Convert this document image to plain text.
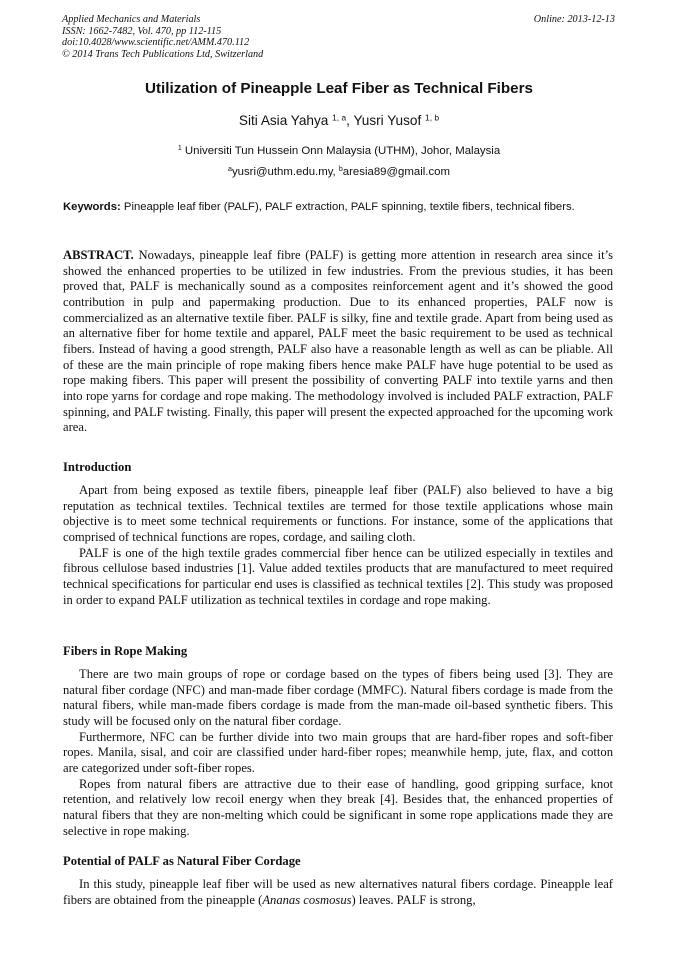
Applied Mechanics and Materials
ISSN: 1662-7482, Vol. 470, pp 112-115
doi:10.4028/www.scientific.net/AMM.470.112
© 2014 Trans Tech Publications Ltd, Switzerland
Online: 2013-12-13
Utilization of Pineapple Leaf Fiber as Technical Fibers
Siti Asia Yahya $^{1, a}$, Yusri Yusof $^{1, b}$
$^1$ Universiti Tun Hussein Onn Malaysia (UTHM), Johor, Malaysia
$^a$yusri@uthm.edu.my, $^b$aresia89@gmail.com
Keywords: Pineapple leaf fiber (PALF), PALF extraction, PALF spinning, textile fibers, technical fibers.

ABSTRACT. Nowadays, pineapple leaf fibre (PALF) is getting more attention in research area since it’s showed the enhanced properties to be utilized in few industries. From the previous studies, it has been proved that, PALF is mechanically sound as a composites reinforcement agent and it’s showed the good contribution in pulp and papermaking production. Due to its enhanced properties, PALF now is commercialized as an alternative textile fiber. PALF is silky, fine and textile grade. Apart from being used as an alternative fiber for home textile and apparel, PALF meet the basic requirement to be used as technical fibers. Instead of having a good strength, PALF also have a reasonable length as well as can be pliable. All of these are the main principle of rope making fibers hence make PALF have huge potential to be used as rope making fibers. This paper will present the possibility of converting PALF into textile yarns and then into rope yarns for cordage and rope making. The methodology involved is included PALF extraction, PALF spinning, and PALF twisting. Finally, this paper will present the expected approached for the upcoming work area.

Introduction

Apart from being exposed as textile fibers, pineapple leaf fiber (PALF) also believed to have a big reputation as technical textiles. Technical textiles are termed for those textile applications whose main objective is to meet some technical requirements or functions. For instance, some of the applications that comprised of technical functions are ropes, cordage, and sailing cloth.

PALF is one of the high textile grades commercial fiber hence can be utilized especially in textiles and fibrous cellulose based industries [1]. Value added textiles products that are manufactured to meet required technical specifications for particular end uses is classified as technical textiles [2]. This study was proposed in order to expand PALF utilization as technical textiles in cordage and rope making.

Fibers in Rope Making

There are two main groups of rope or cordage based on the types of fibers being used [3]. They are natural fiber cordage (NFC) and man-made fiber cordage (MMFC). Natural fibers cordage is made from the natural fibers, while man-made fibers cordage is made from the man-made oil-based synthetic fibers. This study will be focused only on the natural fiber cordage.

Furthermore, NFC can be further divide into two main groups that are hard-fiber ropes and soft-fiber ropes. Manila, sisal, and coir are classified under hard-fiber ropes; meanwhile hemp, jute, flax, and cotton are categorized under soft-fiber ropes.

Ropes from natural fibers are attractive due to their ease of handling, good gripping surface, knot retention, and relatively low recoil energy when they break [4]. Besides that, the enhanced properties of natural fibers that they are non-melting which could be significant in some rope applications made they are selective in rope making.

Potential of PALF as Natural Fiber Cordage

In this study, pineapple leaf fiber will be used as new alternatives natural fibers cordage. Pineapple leaf fibers are obtained from the pineapple (Ananas cosmosus) leaves. PALF is strong,
